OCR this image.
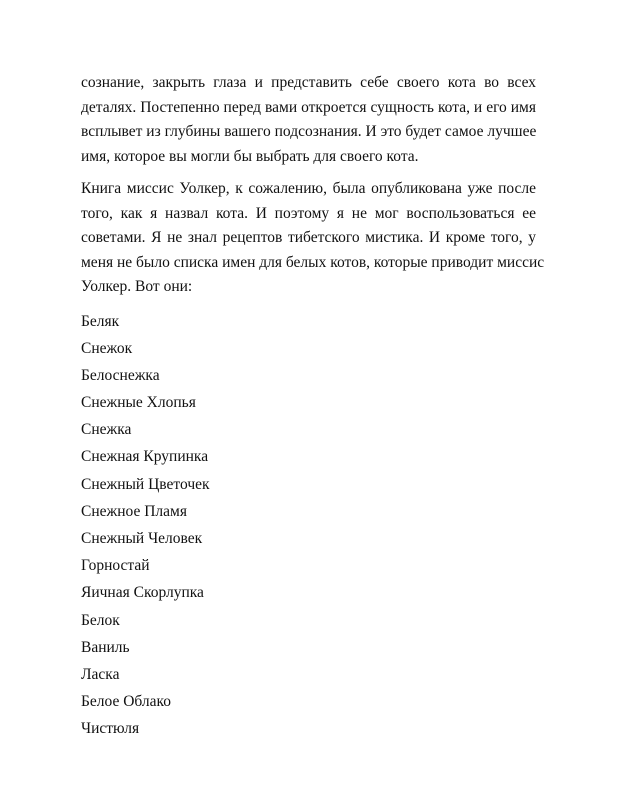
сознание, закрыть глаза и представить себе своего кота во всех
деталях. Постепенно перед вами откроется сущность кота, и его имя
всплывет из глубины вашего подсознания. И это будет самое лучшее
имя, которое вы могли бы выбрать для своего кота.

Книга миссис Уолкер, к сожалению, была опубликована уже после
того, как я назвал кота. И поэтому я не мог воспользоваться ее
советами. Я не знал рецептов тибетского мистика. И кроме того, у
меня не было списка имен для белых котов, которые приводит миссис
Уолкер. Вот они:

Беляк
Снежок
Белоснежка
Снежные Хлопья
Снежка
Снежная Крупинка
Снежный Цветочек
Снежное Пламя
Снежный Человек
Горностай
Яичная Скорлупка
Белок
Ваниль
Ласка
Белое Облако
Чистюля
